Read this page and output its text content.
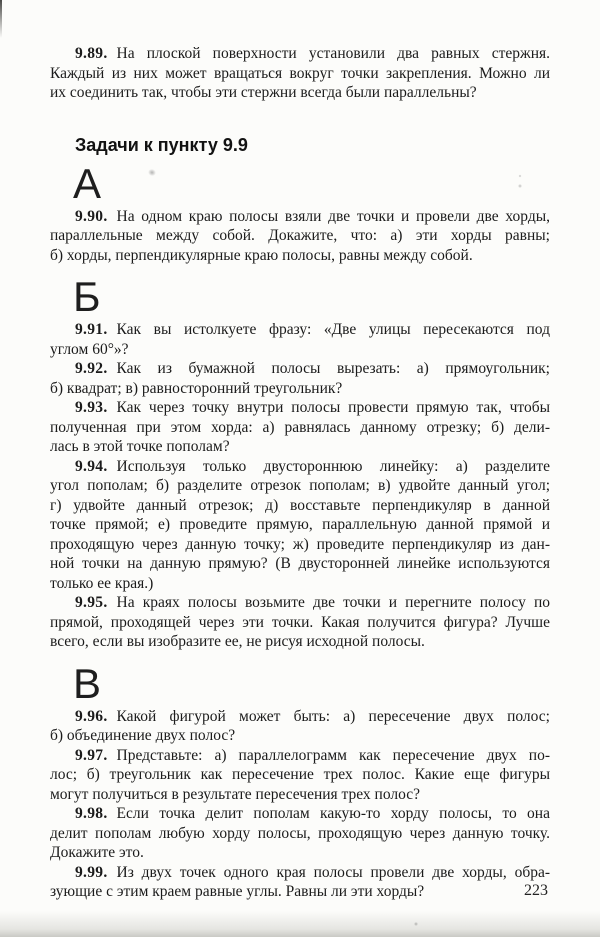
9.89. На плоской поверхности установили два равных стержня.
Каждый из них может вращаться вокруг точки закрепления. Можно ли
их соединить так, чтобы эти стержни всегда были параллельны?
Задачи к пункту 9.9
А
9.90. На одном краю полосы взяли две точки и провели две хорды,
параллельные между собой. Докажите, что: а) эти хорды равны;
б) хорды, перпендикулярные краю полосы, равны между собой.
Б
9.91. Как вы истолкуете фразу: «Две улицы пересекаются под
углом 60°»?
9.92. Как из бумажной полосы вырезать: а) прямоугольник;
б) квадрат; в) равносторонний треугольник?
9.93. Как через точку внутри полосы провести прямую так, чтобы
полученная при этом хорда: а) равнялась данному отрезку; б) дели-
лась в этой точке пополам?
9.94. Используя только двустороннюю линейку: а) разделите
угол пополам; б) разделите отрезок пополам; в) удвойте данный угол;
г) удвойте данный отрезок; д) восставьте перпендикуляр в данной
точке прямой; е) проведите прямую, параллельную данной прямой и
проходящую через данную точку; ж) проведите перпендикуляр из дан-
ной точки на данную прямую? (В двусторонней линейке используются
только ее края.)
9.95. На краях полосы возьмите две точки и перегните полосу по
прямой, проходящей через эти точки. Какая получится фигура? Лучше
всего, если вы изобразите ее, не рисуя исходной полосы.
В
9.96. Какой фигурой может быть: а) пересечение двух полос;
б) объединение двух полос?
9.97. Представьте: а) параллелограмм как пересечение двух по-
лос; б) треугольник как пересечение трех полос. Какие еще фигуры
могут получиться в результате пересечения трех полос?
9.98. Если точка делит пополам какую-то хорду полосы, то она
делит пополам любую хорду полосы, проходящую через данную точку.
Докажите это.
9.99. Из двух точек одного края полосы провели две хорды, обра-
зующие с этим краем равные углы. Равны ли эти хорды?	223
